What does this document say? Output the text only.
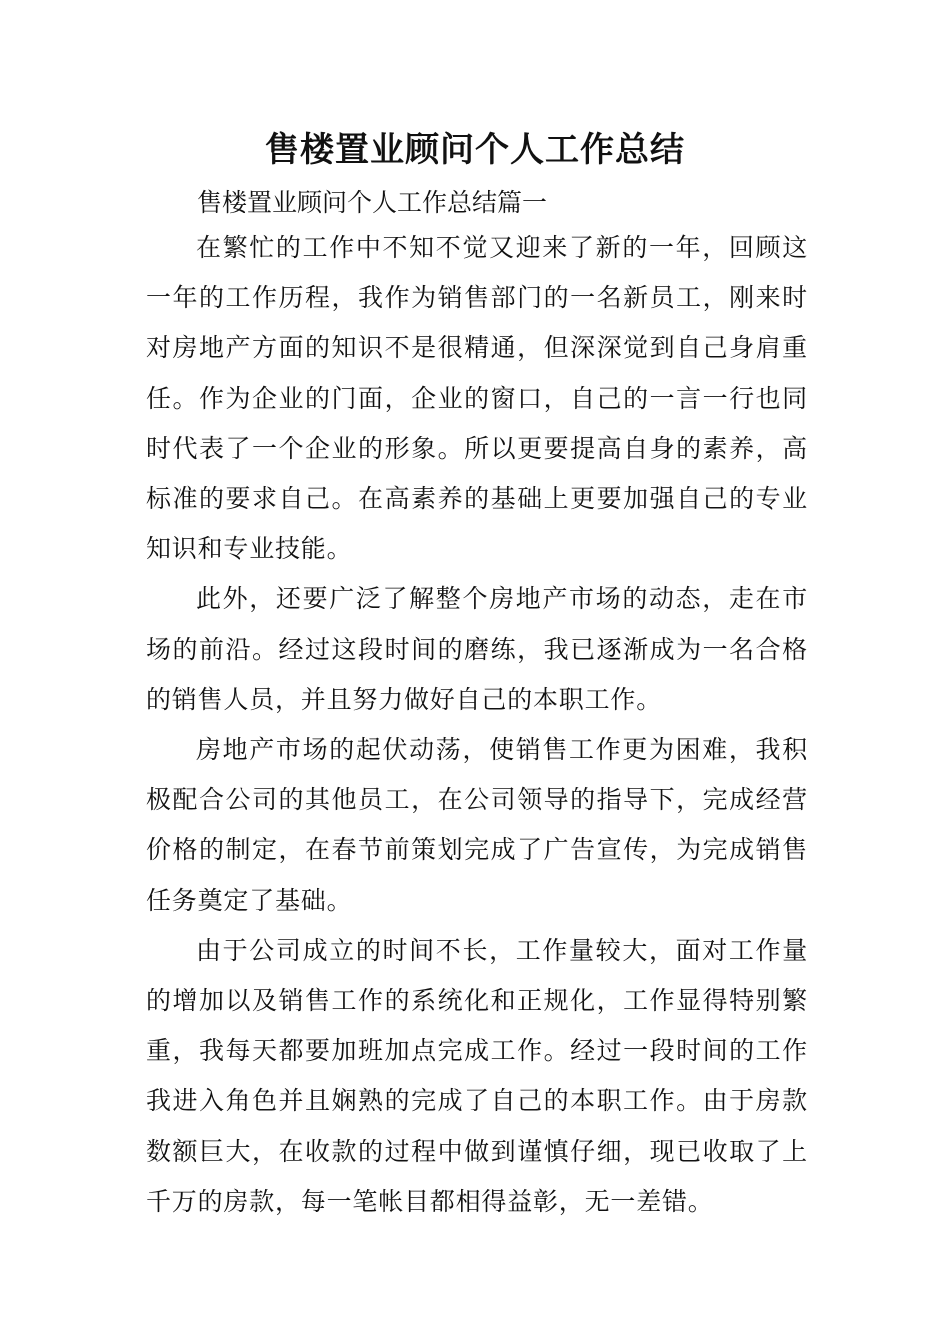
售楼置业顾问个人工作总结
售楼置业顾问个人工作总结篇一

在繁忙的工作中不知不觉又迎来了新的一年，回顾这一年的工作历程，我作为销售部门的一名新员工，刚来时对房地产方面的知识不是很精通，但深深觉到自己身肩重任。作为企业的门面，企业的窗口，自己的一言一行也同时代表了一个企业的形象。所以更要提高自身的素养，高标准的要求自己。在高素养的基础上更要加强自己的专业知识和专业技能。

此外，还要广泛了解整个房地产市场的动态，走在市场的前沿。经过这段时间的磨练，我已逐渐成为一名合格的销售人员，并且努力做好自己的本职工作。

房地产市场的起伏动荡，使销售工作更为困难，我积极配合公司的其他员工，在公司领导的指导下，完成经营价格的制定，在春节前策划完成了广告宣传，为完成销售任务奠定了基础。

由于公司成立的时间不长，工作量较大，面对工作量的增加以及销售工作的系统化和正规化，工作显得特别繁重，我每天都要加班加点完成工作。经过一段时间的工作我进入角色并且娴熟的完成了自己的本职工作。由于房款数额巨大，在收款的过程中做到谨慎仔细，现已收取了上千万的房款，每一笔帐目都相得益彰，无一差错。
